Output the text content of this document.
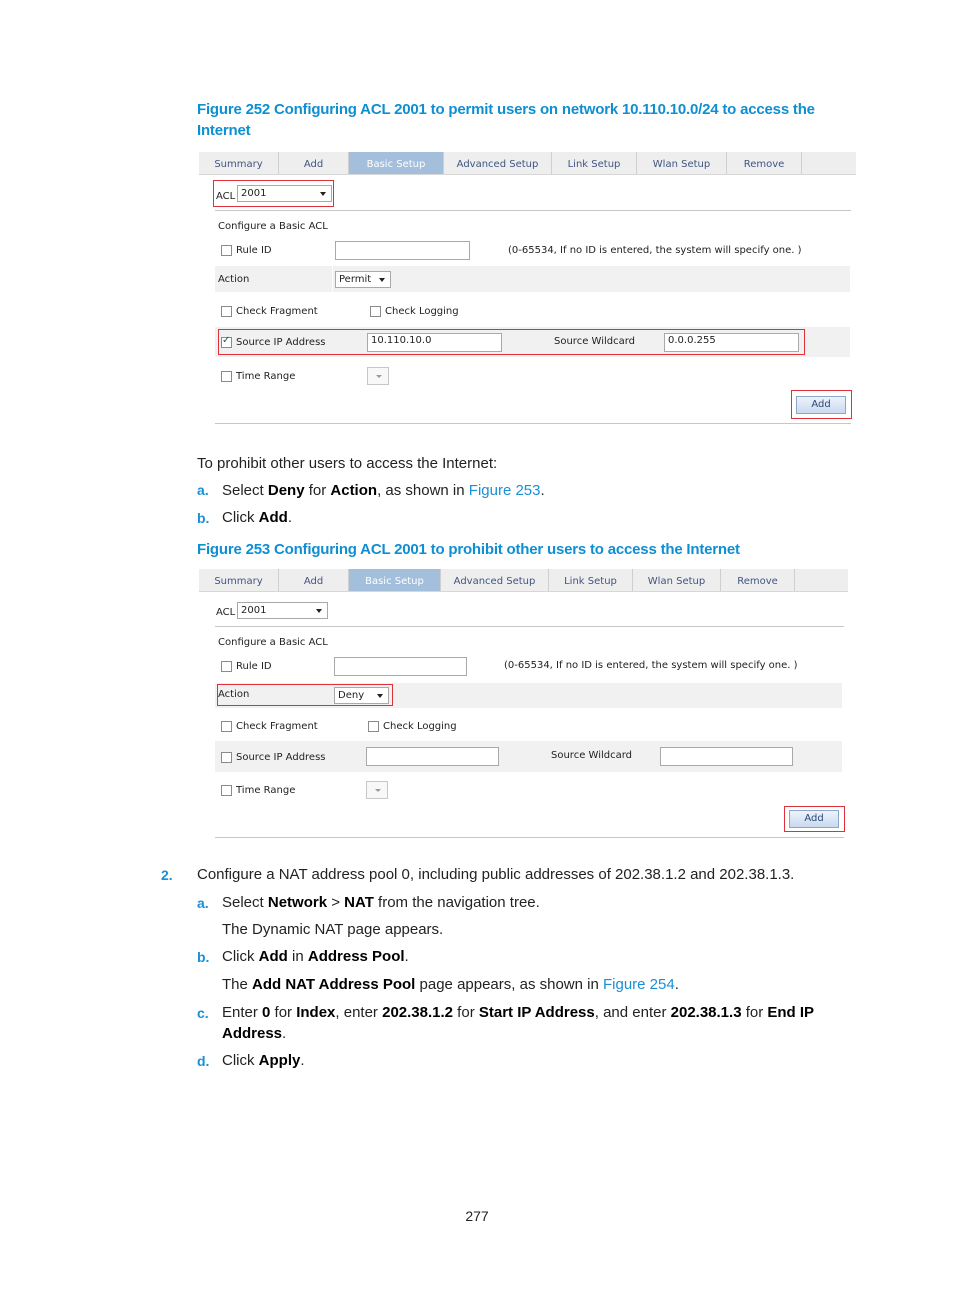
Figure 252 Configuring ACL 2001 to permit users on network 10.110.10.0/24 to access the Internet
Summary	Add	Basic Setup	Advanced Setup	Link Setup	Wlan Setup	Remove
ACL 2001
Configure a Basic ACL
Rule ID	(0-65534, If no ID is entered, the system will specify one. )
Action	Permit
Check Fragment	Check Logging
✓
Source IP Address	10.110.10.0	Source Wildcard	0.0.0.255
Time Range
Add
To prohibit other users to access the Internet:
a. Select Deny for Action, as shown in Figure 253.
b. Click Add.
Figure 253 Configuring ACL 2001 to prohibit other users to access the Internet
Summary	Add	Basic Setup	Advanced Setup	Link Setup	Wlan Setup	Remove
ACL 2001
Configure a Basic ACL
Rule ID	(0-65534, If no ID is entered, the system will specify one. )
Action	Deny
Check Fragment	Check Logging
Source IP Address	Source Wildcard
Time Range
Add
2. Configure a NAT address pool 0, including public addresses of 202.38.1.2 and 202.38.1.3.
a. Select Network > NAT from the navigation tree.
The Dynamic NAT page appears.
b. Click Add in Address Pool.
The Add NAT Address Pool page appears, as shown in Figure 254.
c. Enter 0 for Index, enter 202.38.1.2 for Start IP Address, and enter 202.38.1.3 for End IP
Address.
d. Click Apply.
277
